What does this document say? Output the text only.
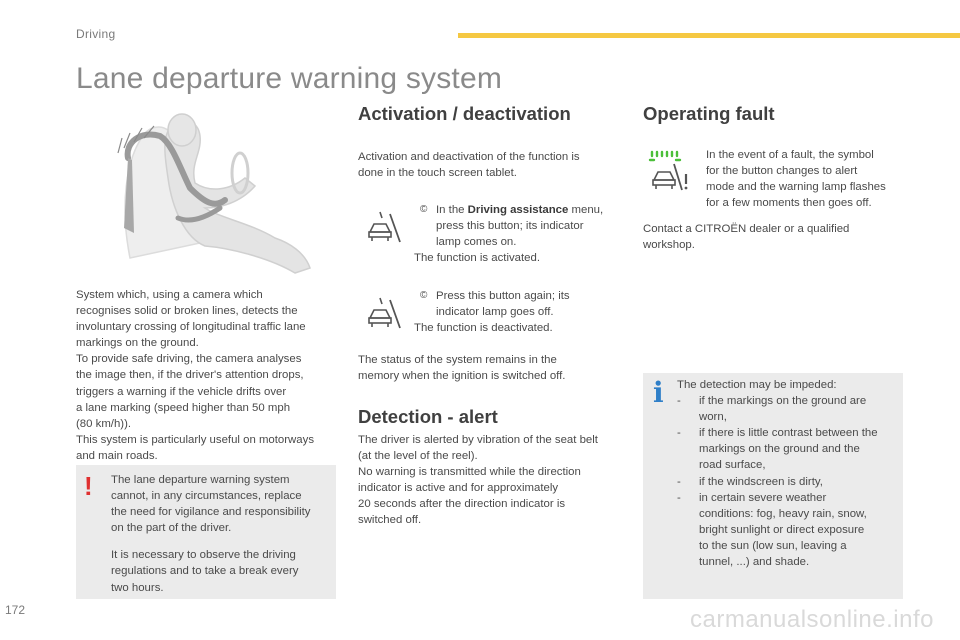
Driving
Lane departure warning system
System which, using a camera which
recognises solid or broken lines, detects the
involuntary crossing of longitudinal traffic lane
markings on the ground.
To provide safe driving, the camera analyses
the image then, if the driver's attention drops,
triggers a warning if the vehicle drifts over
a lane marking (speed higher than 50 mph
(80 km/h)).
This system is particularly useful on motorways
and main roads.
! The lane departure warning system
cannot, in any circumstances, replace
the need for vigilance and responsibility
on the part of the driver.
It is necessary to observe the driving
regulations and to take a break every
two hours.
Activation / deactivation
Activation and deactivation of the function is
done in the touch screen tablet.
© In the Driving assistance menu,
press this button; its indicator
lamp comes on.
The function is activated.
© Press this button again; its
indicator lamp goes off.
The function is deactivated.
The status of the system remains in the
memory when the ignition is switched off.
Detection - alert
The driver is alerted by vibration of the seat belt
(at the level of the reel).
No warning is transmitted while the direction
indicator is active and for approximately
20 seconds after the direction indicator is
switched off.
Operating fault
In the event of a fault, the symbol
for the button changes to alert
mode and the warning lamp flashes
for a few moments then goes off.
Contact a CITROËN dealer or a qualified
workshop.
i The detection may be impeded:
- if the markings on the ground are
worn,
- if there is little contrast between the
markings on the ground and the
road surface,
- if the windscreen is dirty,
- in certain severe weather
conditions: fog, heavy rain, snow,
bright sunlight or direct exposure
to the sun (low sun, leaving a
tunnel, ...) and shade.
172	carmanualsonline.info
